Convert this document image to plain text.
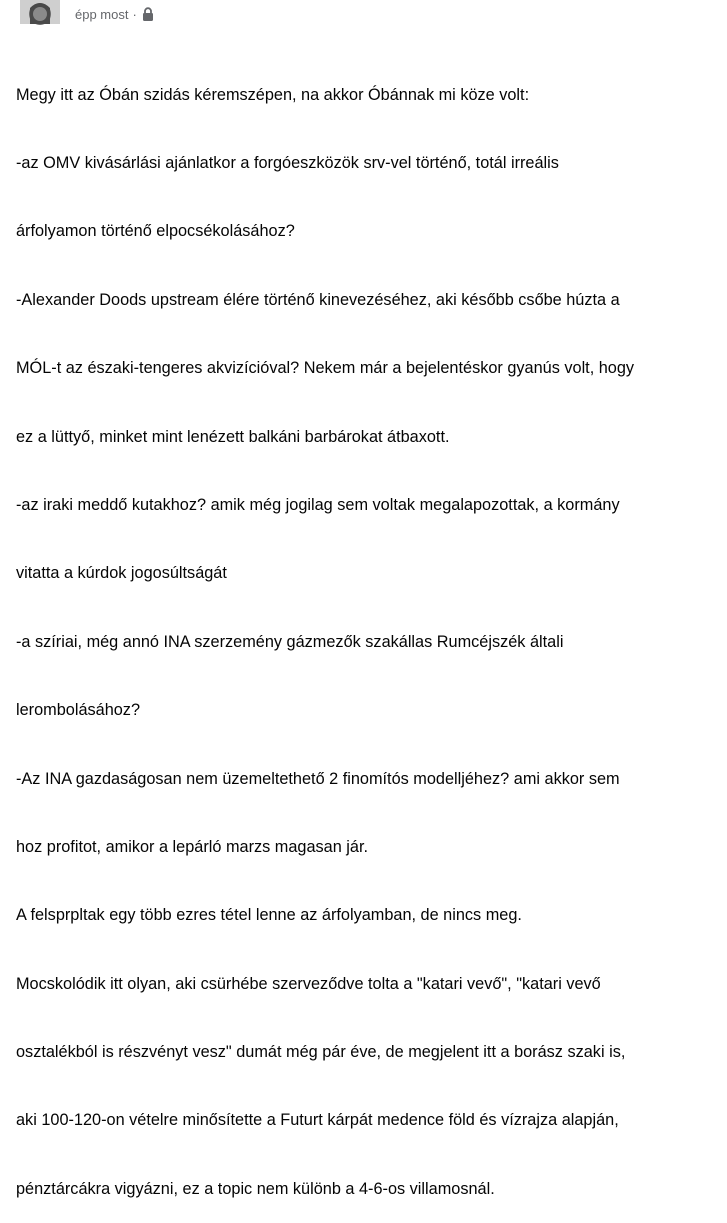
épp most ·

Megy itt az Óbán szidás kéremszépen, na akkor Óbánnak mi köze volt:

-az OMV kivásárlási ajánlatkor a forgóeszközök srv-vel történő, totál irreális

árfolyamon történő elpocsékolásához?

-Alexander Doods upstream élére történő kinevezéséhez, aki később csőbe húzta a

MÓL-t az északi-tengeres akvizícióval? Nekem már a bejelentéskor gyanús volt, hogy

ez a lüttyő, minket mint lenézett balkáni barbárokat átbaxott.

-az iraki meddő kutakhoz? amik még jogilag sem voltak megalapozottak, a kormány

vitatta a kúrdok jogosúltságát

-a szíriai, még annó INA szerzemény gázmezők szakállas Rumcéjszék általi

lerombolásához?

-Az INA gazdaságosan nem üzemeltethető 2 finomítós modelljéhez? ami akkor sem

hoz profitot, amikor a lepárló marzs magasan jár.

A felsprpltak egy több ezres tétel lenne az árfolyamban, de nincs meg.

Mocskolódik itt olyan, aki csürhébe szerveződve tolta a "katari vevő", "katari vevő

osztalékból is részvényt vesz" dumát még pár éve, de megjelent itt a borász szaki is,

aki 100-120-on vételre minősítette a Futurt kárpát medence föld és vízrajza alapján,

pénztárcákra vigyázni, ez a topic nem különb a 4-6-os villamosnál.
